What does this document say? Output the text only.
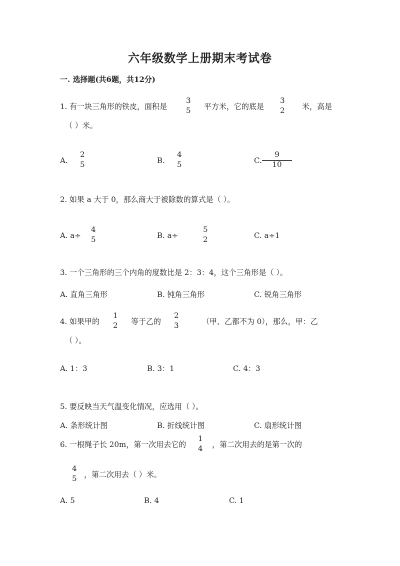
六年级数学上册期末考试卷
一. 选择题(共6题，共12分)
1. 有一块三角形的铁皮，面积是
3
5 平方米，它的底是
3
2 米，高是
（ ）米。
A.
2
5	B.
4
5	C.
9
10
2. 如果 a 大于 0，那么商大于被除数的算式是（ ）。
A. a÷
4
5	B. a÷
5
2	C. a÷1
3. 一个三角形的三个内角的度数比是 2：3：4，这个三角形是（ ）。
A. 直角三角形	B. 钝角三角形	C. 锐角三角形
4. 如果甲的
1
2 等于乙的
2
3	（甲、乙都不为 0），那么，甲：乙
（ ）。
A. 1：3	B. 3：1	C. 4：3
5. 要反映当天气温变化情况，应选用（ ）。
A. 条形统计图	B. 折线统计图	C. 扇形统计图
6. 一根绳子长 20m，第一次用去它的
1
4 ，第二次用去的是第一次的
4
5 ，第二次用去（ ）米。
A. 5	B. 4	C. 1
